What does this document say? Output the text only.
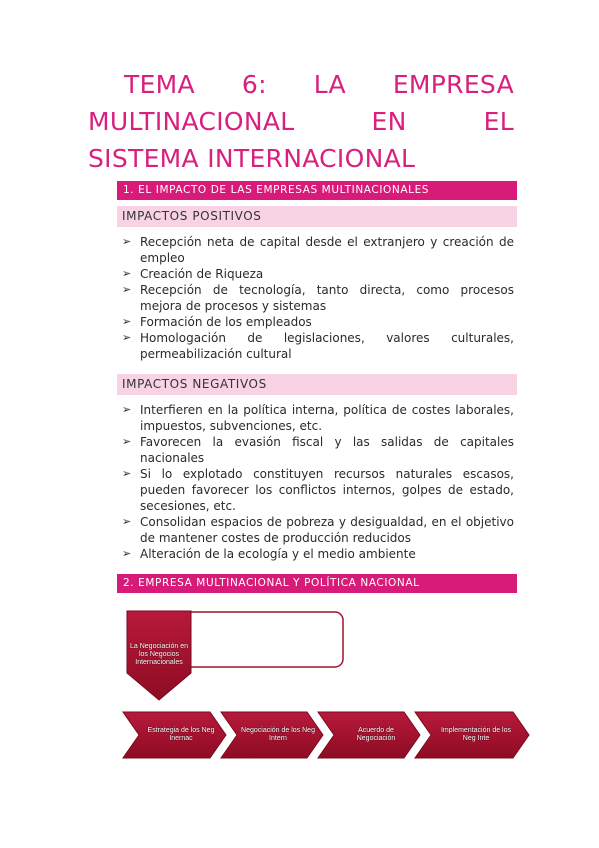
TEMA 6: LA EMPRESA
MULTINACIONAL	EN	EL
SISTEMA INTERNACIONAL
1. EL IMPACTO DE LAS EMPRESAS MULTINACIONALES
IMPACTOS POSITIVOS
➢ Recepción neta de capital desde el extranjero y creación de empleo
➢ Creación de Riqueza
➢ Recepción de tecnología, tanto directa, como procesos mejora de procesos y sistemas
➢ Formación de los empleados
➢ Homologación de legislaciones, valores culturales, permeabilización cultural
IMPACTOS NEGATIVOS
➢ Interfieren en la política interna, política de costes laborales, impuestos, subvenciones, etc.
➢ Favorecen la evasión fiscal y las salidas de capitales nacionales
➢ Si lo explotado constituyen recursos naturales escasos, pueden favorecer los conflictos internos, golpes de estado, secesiones, etc.
➢ Consolidan espacios de pobreza y desigualdad, en el objetivo de mantener costes de producción reducidos
➢ Alteración de la ecología y el medio ambiente
2. EMPRESA MULTINACIONAL Y POLÍTICA NACIONAL
La Negociación en los Negocios Internacionales
Estrategia de los Neg Inernac
Negociación de los Neg Intern
Acuerdo de Negociación
Implementación de los Neg Inte
